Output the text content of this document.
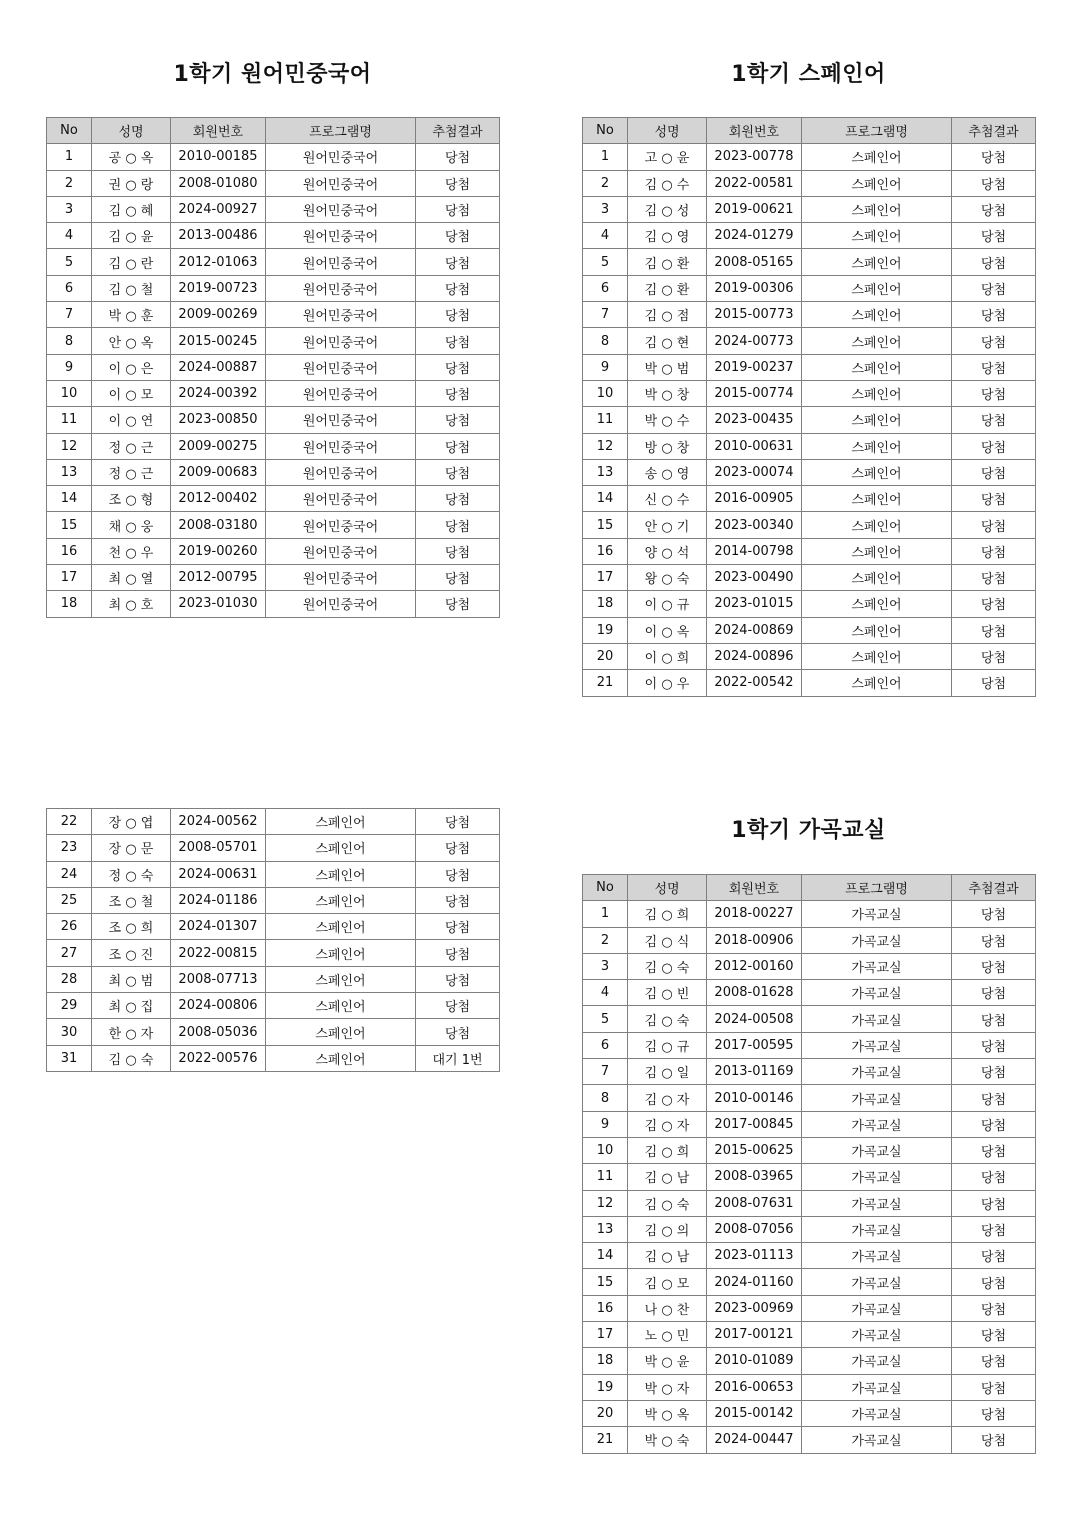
1학기 원어민중국어
No	성명	회원번호	프로그램명	추첨결과
1	공 ○ 옥	2010-00185	원어민중국어	당첨
2	권 ○ 랑	2008-01080	원어민중국어	당첨
3	김 ○ 혜	2024-00927	원어민중국어	당첨
4	김 ○ 윤	2013-00486	원어민중국어	당첨
5	김 ○ 란	2012-01063	원어민중국어	당첨
6	김 ○ 철	2019-00723	원어민중국어	당첨
7	박 ○ 훈	2009-00269	원어민중국어	당첨
8	안 ○ 옥	2015-00245	원어민중국어	당첨
9	이 ○ 은	2024-00887	원어민중국어	당첨
10	이 ○ 모	2024-00392	원어민중국어	당첨
11	이 ○ 연	2023-00850	원어민중국어	당첨
12	정 ○ 근	2009-00275	원어민중국어	당첨
13	정 ○ 근	2009-00683	원어민중국어	당첨
14	조 ○ 형	2012-00402	원어민중국어	당첨
15	채 ○ 웅	2008-03180	원어민중국어	당첨
16	천 ○ 우	2019-00260	원어민중국어	당첨
17	최 ○ 열	2012-00795	원어민중국어	당첨
18	최 ○ 호	2023-01030	원어민중국어	당첨
1학기 스페인어
No	성명	회원번호	프로그램명	추첨결과
1	고 ○ 윤	2023-00778	스페인어	당첨
2	김 ○ 수	2022-00581	스페인어	당첨
3	김 ○ 성	2019-00621	스페인어	당첨
4	김 ○ 영	2024-01279	스페인어	당첨
5	김 ○ 환	2008-05165	스페인어	당첨
6	김 ○ 환	2019-00306	스페인어	당첨
7	김 ○ 점	2015-00773	스페인어	당첨
8	김 ○ 현	2024-00773	스페인어	당첨
9	박 ○ 범	2019-00237	스페인어	당첨
10	박 ○ 창	2015-00774	스페인어	당첨
11	박 ○ 수	2023-00435	스페인어	당첨
12	방 ○ 창	2010-00631	스페인어	당첨
13	송 ○ 영	2023-00074	스페인어	당첨
14	신 ○ 수	2016-00905	스페인어	당첨
15	안 ○ 기	2023-00340	스페인어	당첨
16	양 ○ 석	2014-00798	스페인어	당첨
17	왕 ○ 숙	2023-00490	스페인어	당첨
18	이 ○ 규	2023-01015	스페인어	당첨
19	이 ○ 옥	2024-00869	스페인어	당첨
20	이 ○ 희	2024-00896	스페인어	당첨
21	이 ○ 우	2022-00542	스페인어	당첨
22	장 ○ 엽	2024-00562	스페인어	당첨
23	장 ○ 문	2008-05701	스페인어	당첨
24	정 ○ 숙	2024-00631	스페인어	당첨
25	조 ○ 철	2024-01186	스페인어	당첨
26	조 ○ 희	2024-01307	스페인어	당첨
27	조 ○ 진	2022-00815	스페인어	당첨
28	최 ○ 범	2008-07713	스페인어	당첨
29	최 ○ 집	2024-00806	스페인어	당첨
30	한 ○ 자	2008-05036	스페인어	당첨
31	김 ○ 숙	2022-00576	스페인어	대기 1번
1학기 가곡교실
No	성명	회원번호	프로그램명	추첨결과
1	김 ○ 희	2018-00227	가곡교실	당첨
2	김 ○ 식	2018-00906	가곡교실	당첨
3	김 ○ 숙	2012-00160	가곡교실	당첨
4	김 ○ 빈	2008-01628	가곡교실	당첨
5	김 ○ 숙	2024-00508	가곡교실	당첨
6	김 ○ 규	2017-00595	가곡교실	당첨
7	김 ○ 일	2013-01169	가곡교실	당첨
8	김 ○ 자	2010-00146	가곡교실	당첨
9	김 ○ 자	2017-00845	가곡교실	당첨
10	김 ○ 희	2015-00625	가곡교실	당첨
11	김 ○ 남	2008-03965	가곡교실	당첨
12	김 ○ 숙	2008-07631	가곡교실	당첨
13	김 ○ 의	2008-07056	가곡교실	당첨
14	김 ○ 남	2023-01113	가곡교실	당첨
15	김 ○ 모	2024-01160	가곡교실	당첨
16	나 ○ 찬	2023-00969	가곡교실	당첨
17	노 ○ 민	2017-00121	가곡교실	당첨
18	박 ○ 윤	2010-01089	가곡교실	당첨
19	박 ○ 자	2016-00653	가곡교실	당첨
20	박 ○ 옥	2015-00142	가곡교실	당첨
21	박 ○ 숙	2024-00447	가곡교실	당첨
